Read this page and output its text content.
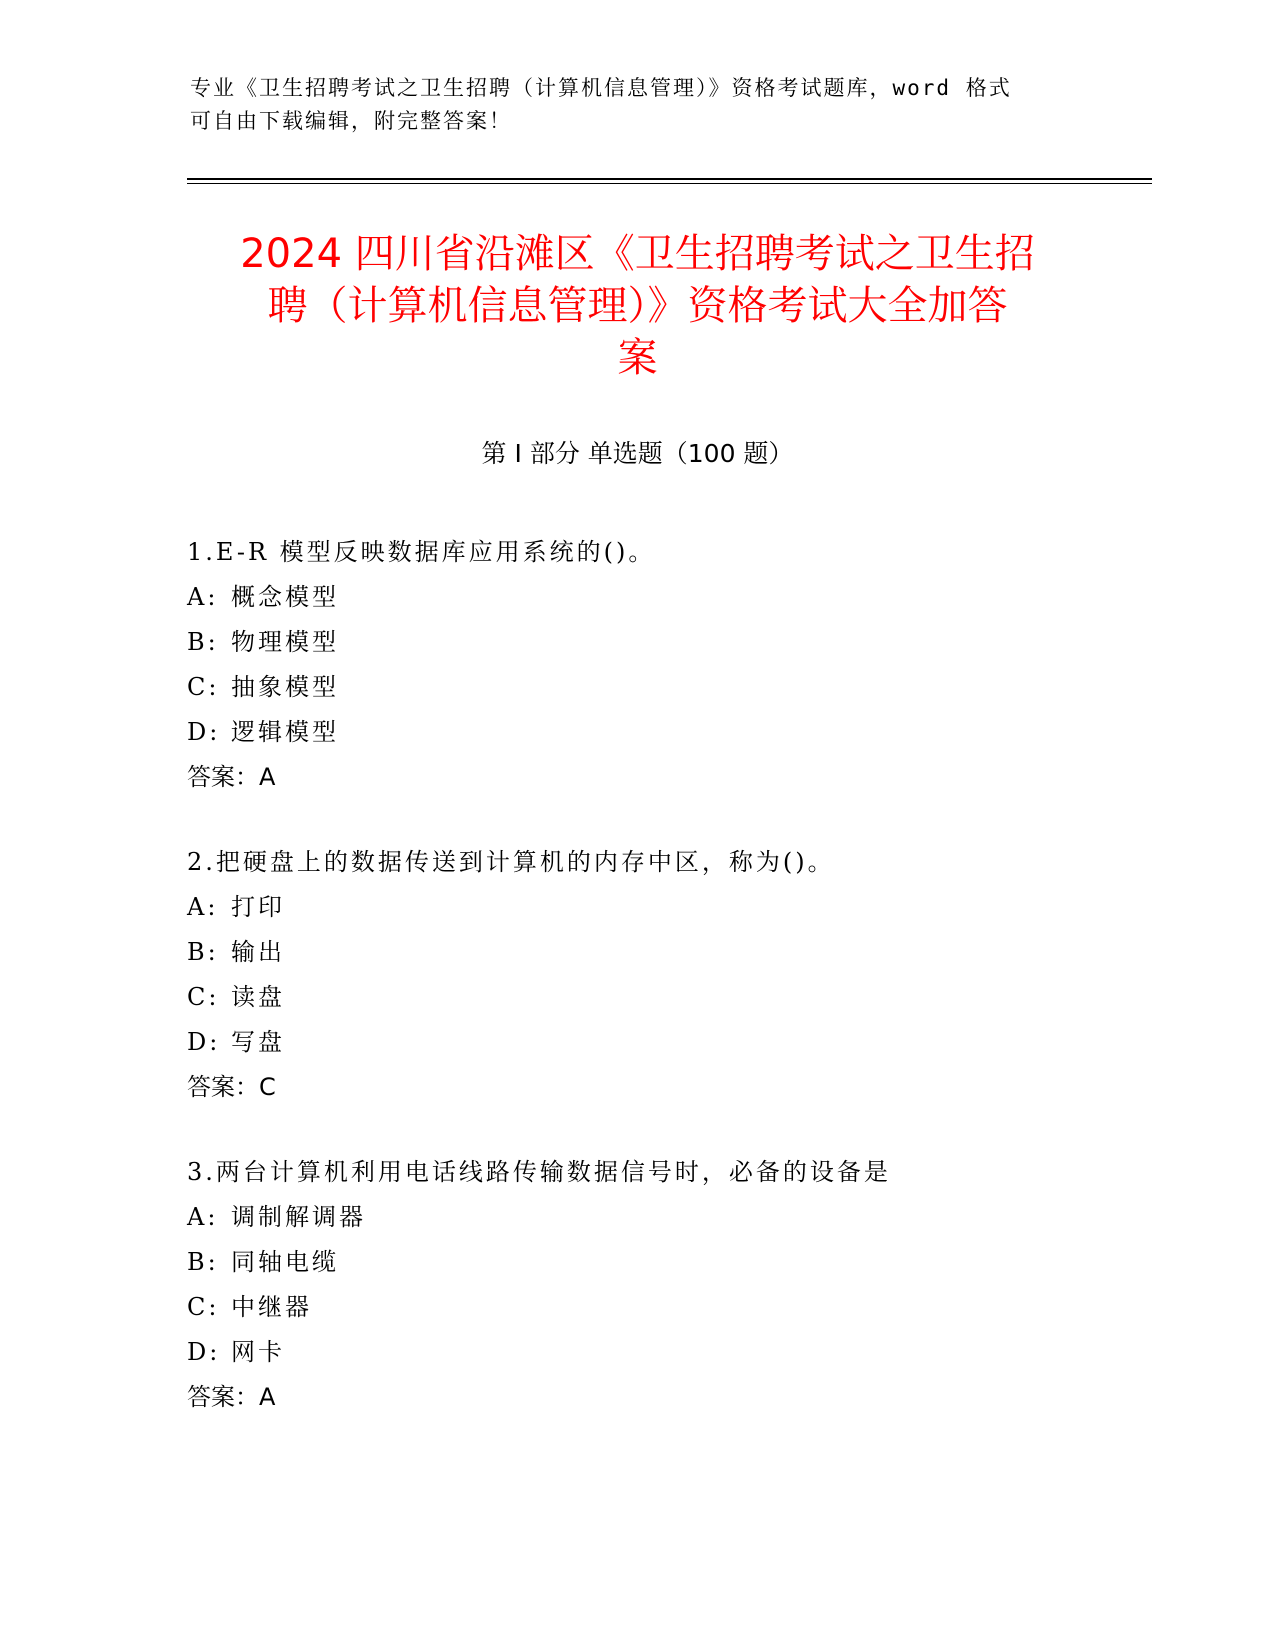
专业《卫生招聘考试之卫生招聘（计算机信息管理）》资格考试题库，word 格式
可自由下载编辑，附完整答案！
2024 四川省沿滩区《卫生招聘考试之卫生招
聘（计算机信息管理）》资格考试大全加答
案
第 I 部分 单选题（100 题）
1.E-R 模型反映数据库应用系统的()。
A: 概念模型
B: 物理模型
C: 抽象模型
D: 逻辑模型
答案：A
2.把硬盘上的数据传送到计算机的内存中区，称为()。
A: 打印
B: 输出
C: 读盘
D: 写盘
答案：C
3.两台计算机利用电话线路传输数据信号时，必备的设备是
A: 调制解调器
B: 同轴电缆
C: 中继器
D: 网卡
答案：A
